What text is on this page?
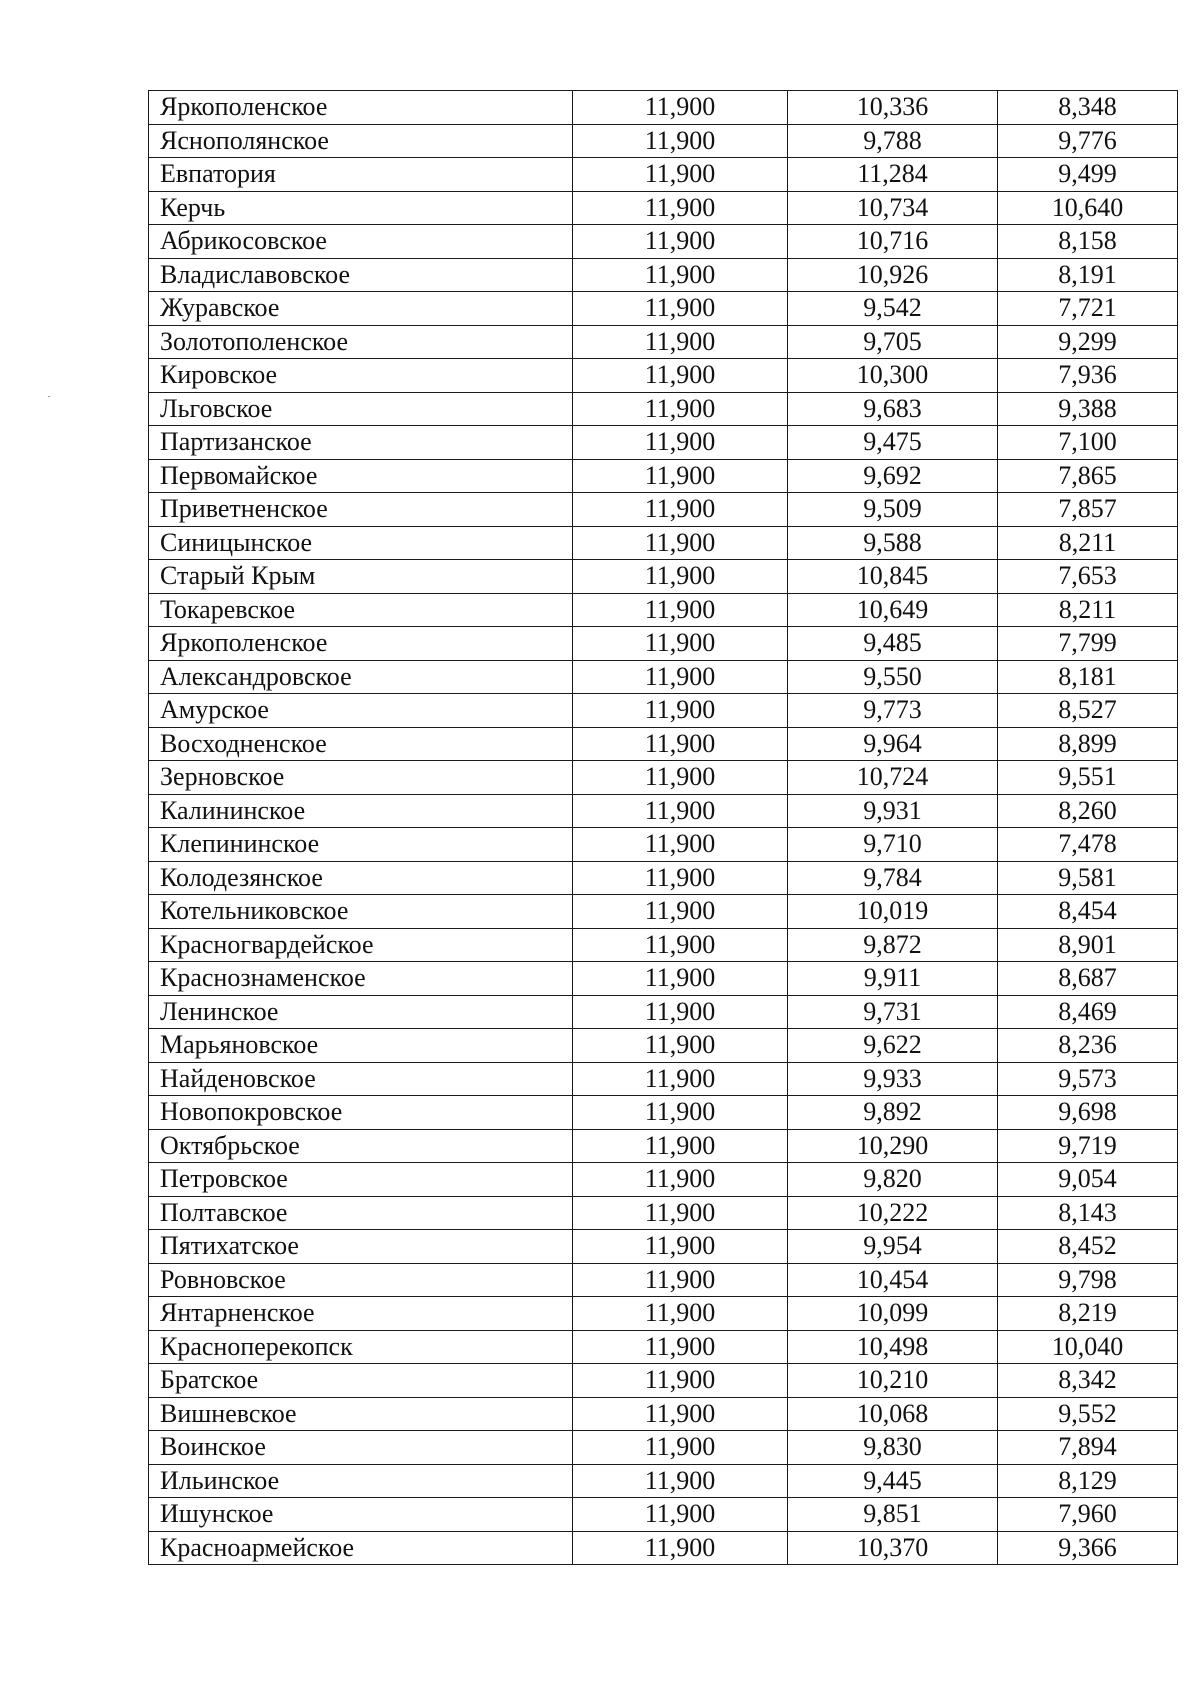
Яркополенское	11,900	10,336	8,348
Яснополянское	11,900	9,788	9,776
Евпатория	11,900	11,284	9,499
Керчь	11,900	10,734	10,640
Абрикосовское	11,900	10,716	8,158
Владиславовское	11,900	10,926	8,191
Журавское	11,900	9,542	7,721
Золотополенское	11,900	9,705	9,299
Кировское	11,900	10,300	7,936
Льговское	11,900	9,683	9,388
Партизанское	11,900	9,475	7,100
Первомайское	11,900	9,692	7,865
Приветненское	11,900	9,509	7,857
Синицынское	11,900	9,588	8,211
Старый Крым	11,900	10,845	7,653
Токаревское	11,900	10,649	8,211
Яркополенское	11,900	9,485	7,799
Александровское	11,900	9,550	8,181
Амурское	11,900	9,773	8,527
Восходненское	11,900	9,964	8,899
Зерновское	11,900	10,724	9,551
Калининское	11,900	9,931	8,260
Клепининское	11,900	9,710	7,478
Колодезянское	11,900	9,784	9,581
Котельниковское	11,900	10,019	8,454
Красногвардейское	11,900	9,872	8,901
Краснознаменское	11,900	9,911	8,687
Ленинское	11,900	9,731	8,469
Марьяновское	11,900	9,622	8,236
Найденовское	11,900	9,933	9,573
Новопокровское	11,900	9,892	9,698
Октябрьское	11,900	10,290	9,719
Петровское	11,900	9,820	9,054
Полтавское	11,900	10,222	8,143
Пятихатское	11,900	9,954	8,452
Ровновское	11,900	10,454	9,798
Янтарненское	11,900	10,099	8,219
Красноперекопск	11,900	10,498	10,040
Братское	11,900	10,210	8,342
Вишневское	11,900	10,068	9,552
Воинское	11,900	9,830	7,894
Ильинское	11,900	9,445	8,129
Ишунское	11,900	9,851	7,960
Красноармейское	11,900	10,370	9,366
